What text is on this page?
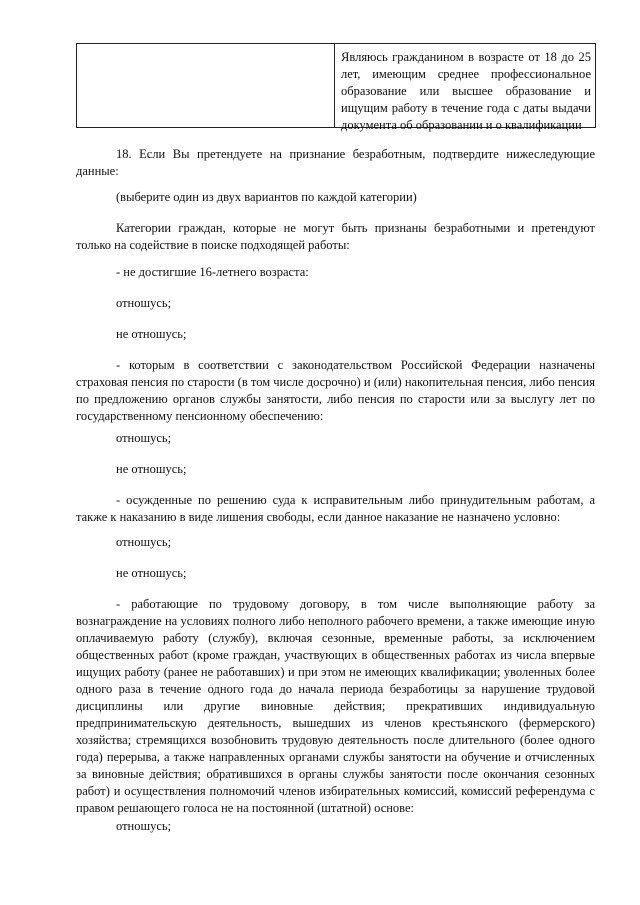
Являюсь гражданином в возрасте от 18 до 25 лет, имеющим среднее профессиональное образование или высшее образование и ищущим работу в течение года с даты выдачи документа об образовании и о квалификации

18. Если Вы претендуете на признание безработным, подтвердите нижеследующие данные:

(выберите один из двух вариантов по каждой категории)

Категории граждан, которые не могут быть признаны безработными и претендуют только на содействие в поиске подходящей работы:

- не достигшие 16-летнего возраста:

отношусь;

не отношусь;

- которым в соответствии с законодательством Российской Федерации назначены страховая пенсия по старости (в том числе досрочно) и (или) накопительная пенсия, либо пенсия по предложению органов службы занятости, либо пенсия по старости или за выслугу лет по государственному пенсионному обеспечению:

отношусь;

не отношусь;

- осужденные по решению суда к исправительным либо принудительным работам, а также к наказанию в виде лишения свободы, если данное наказание не назначено условно:

отношусь;

не отношусь;

- работающие по трудовому договору, в том числе выполняющие работу за вознаграждение на условиях полного либо неполного рабочего времени, а также имеющие иную оплачиваемую работу (службу), включая сезонные, временные работы, за исключением общественных работ (кроме граждан, участвующих в общественных работах из числа впервые ищущих работу (ранее не работавших) и при этом не имеющих квалификации; уволенных более одного раза в течение одного года до начала периода безработицы за нарушение трудовой дисциплины или другие виновные действия; прекративших индивидуальную предпринимательскую деятельность, вышедших из членов крестьянского (фермерского) хозяйства; стремящихся возобновить трудовую деятельность после длительного (более одного года) перерыва, а также направленных органами службы занятости на обучение и отчисленных за виновные действия; обратившихся в органы службы занятости после окончания сезонных работ) и осуществления полномочий членов избирательных комиссий, комиссий референдума с правом решающего голоса не на постоянной (штатной) основе:

отношусь;
